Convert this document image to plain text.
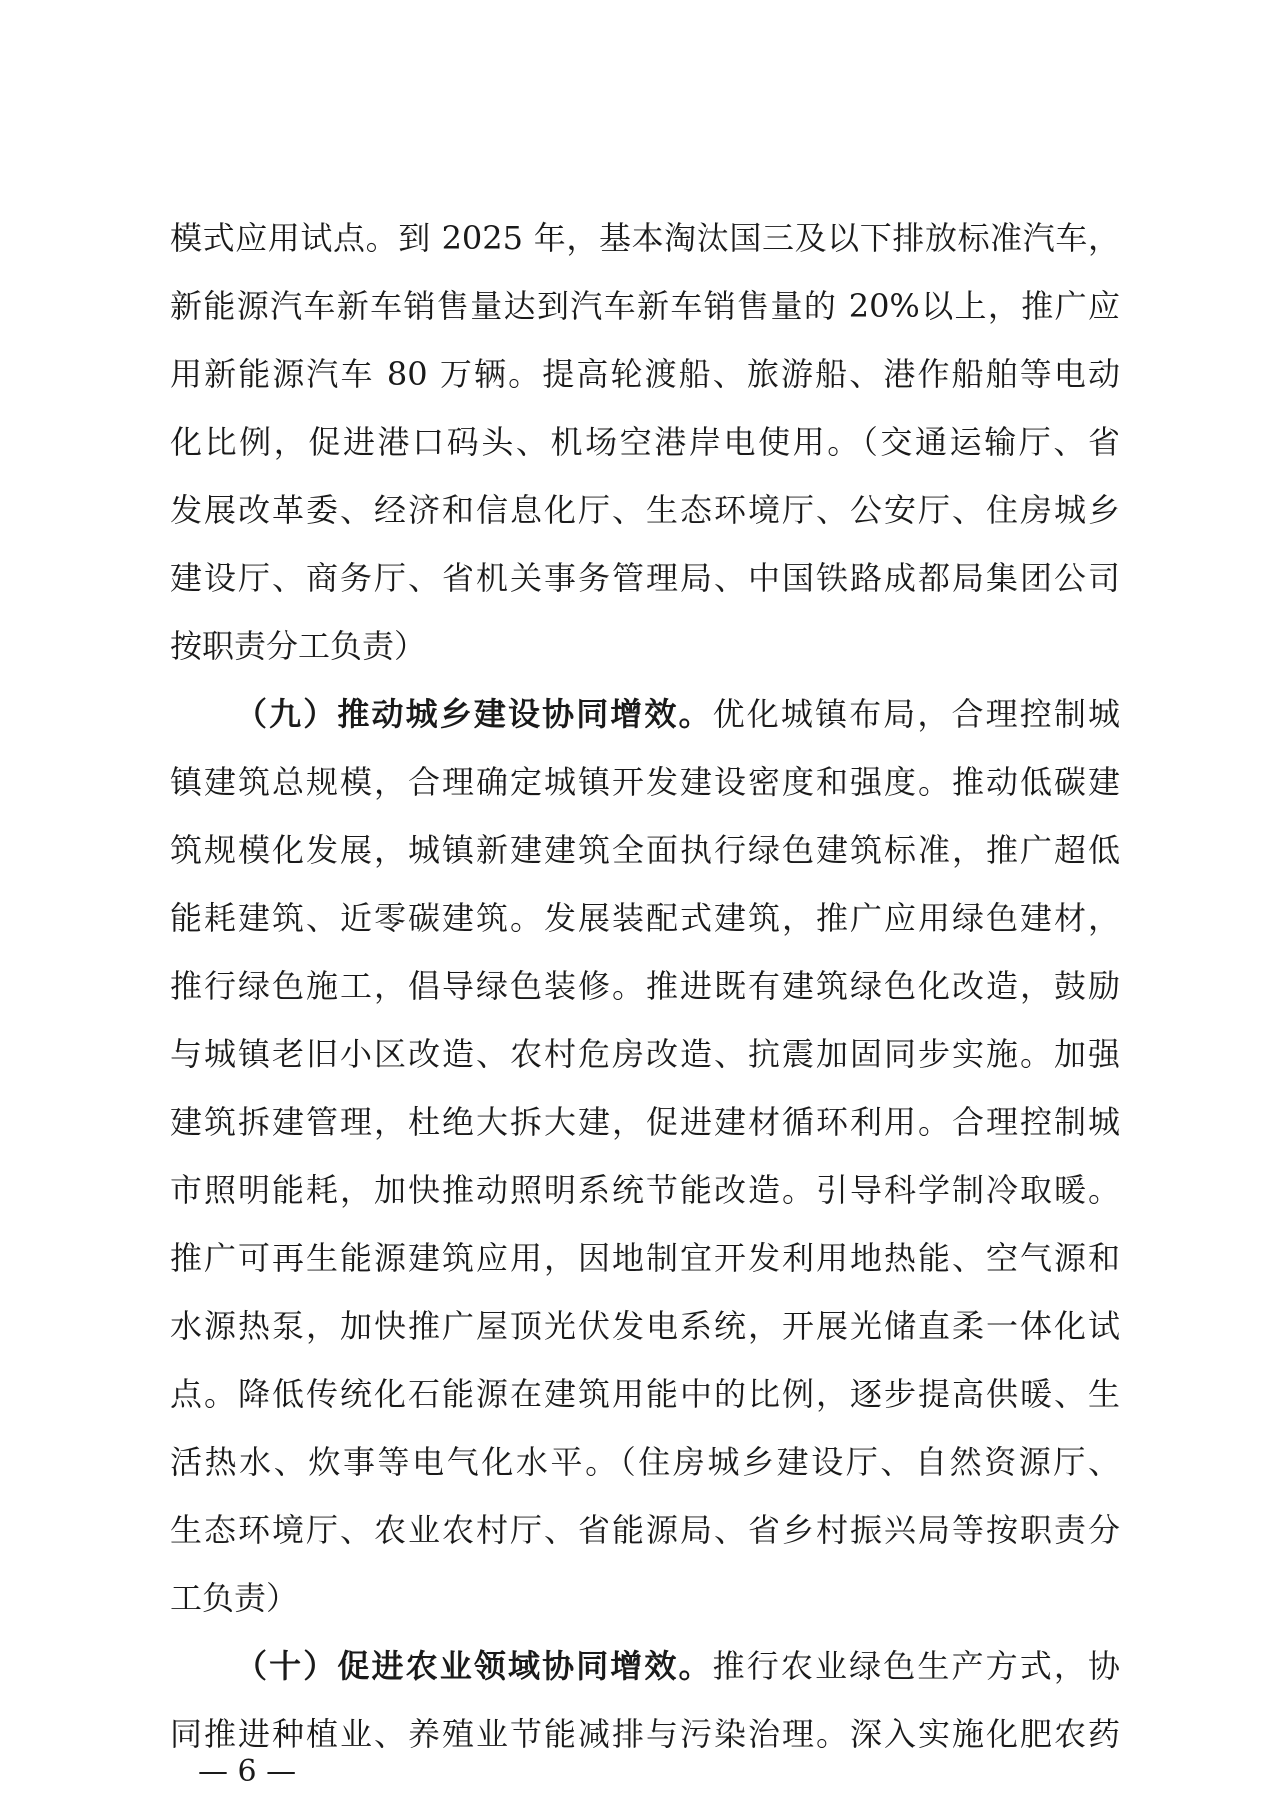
模式应用试点。到 2025 年，基本淘汰国三及以下排放标准汽车，
新能源汽车新车销售量达到汽车新车销售量的 20%以上，推广应
用新能源汽车 80 万辆。提高轮渡船、旅游船、港作船舶等电动
化比例，促进港口码头、机场空港岸电使用。（交通运输厅、省
发展改革委、经济和信息化厅、生态环境厅、公安厅、住房城乡
建设厅、商务厅、省机关事务管理局、中国铁路成都局集团公司
按职责分工负责）
（九）推动城乡建设协同增效。优化城镇布局，合理控制城
镇建筑总规模，合理确定城镇开发建设密度和强度。推动低碳建
筑规模化发展，城镇新建建筑全面执行绿色建筑标准，推广超低
能耗建筑、近零碳建筑。发展装配式建筑，推广应用绿色建材，
推行绿色施工，倡导绿色装修。推进既有建筑绿色化改造，鼓励
与城镇老旧小区改造、农村危房改造、抗震加固同步实施。加强
建筑拆建管理，杜绝大拆大建，促进建材循环利用。合理控制城
市照明能耗，加快推动照明系统节能改造。引导科学制冷取暖。
推广可再生能源建筑应用，因地制宜开发利用地热能、空气源和
水源热泵，加快推广屋顶光伏发电系统，开展光储直柔一体化试
点。降低传统化石能源在建筑用能中的比例，逐步提高供暖、生
活热水、炊事等电气化水平。（住房城乡建设厅、自然资源厅、
生态环境厅、农业农村厅、省能源局、省乡村振兴局等按职责分
工负责）
（十）促进农业领域协同增效。推行农业绿色生产方式，协
同推进种植业、养殖业节能减排与污染治理。深入实施化肥农药
— 6 —
